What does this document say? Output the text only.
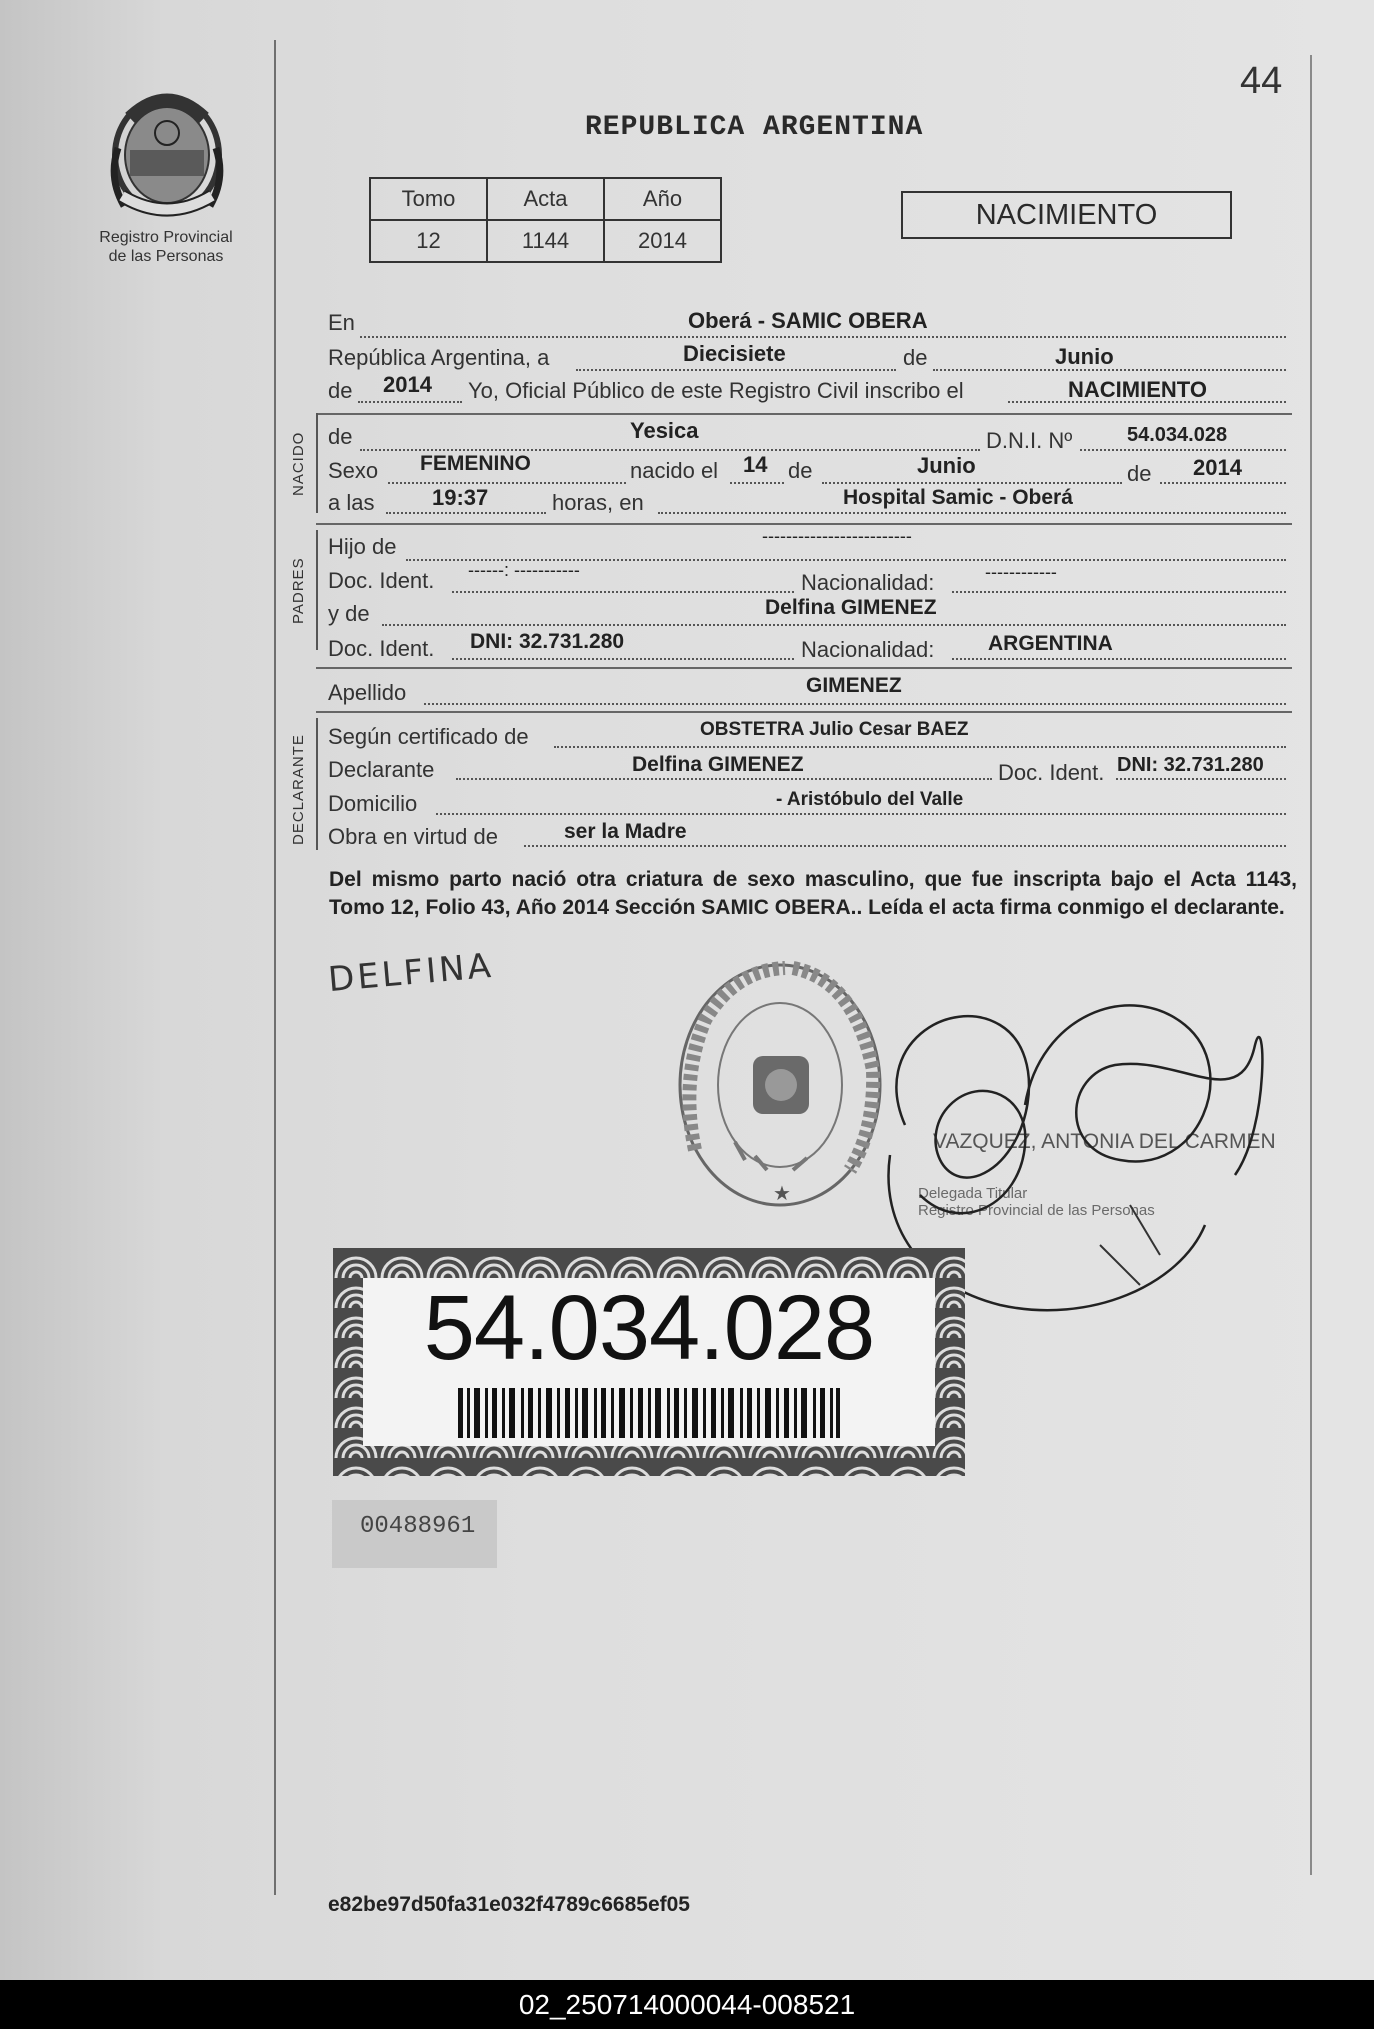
44
Registro Provincial
de las Personas
REPUBLICA ARGENTINA
Tomo	Acta	Año
12	1144	2014
NACIMIENTO
En	Oberá - SAMIC OBERA
República Argentina, a	Diecisiete	de	Junio
de 2014 Yo, Oficial Público de este Registro Civil inscribo el	NACIMIENTO
NACIDO de	Yesica	D.N.I. Nº	54.034.028
Sexo FEMENINO	nacido el 14 de	Junio	de 2014
a las	19:37	horas, en	Hospital Samic - Oberá
PADRES
Hijo de	-------------------------
Doc. Ident. ------: -----------	Nacionalidad:	------------
y de	Delfina GIMENEZ
Doc. Ident. DNI: 32.731.280	Nacionalidad:	ARGENTINA
Apellido	GIMENEZ
DECLARANTE Según certificado de	OBSTETRA Julio Cesar BAEZ
Declarante	Delfina GIMENEZ	Doc. Ident. DNI: 32.731.280
Domicilio	- Aristóbulo del Valle
Obra en virtud de	ser la Madre
Del mismo parto nació otra criatura de sexo masculino, que fue inscripta bajo el Acta 1143, Tomo 12, Folio 43, Año 2014 Sección SAMIC OBERA.. Leída el acta firma conmigo el declarante.
DELFINA
★
VAZQUEZ, ANTONIA DEL CARMEN
Delegada Titular
Registro Provincial de las Personas
54.034.028
00488961
e82be97d50fa31e032f4789c6685ef05
02_250714000044-008521
